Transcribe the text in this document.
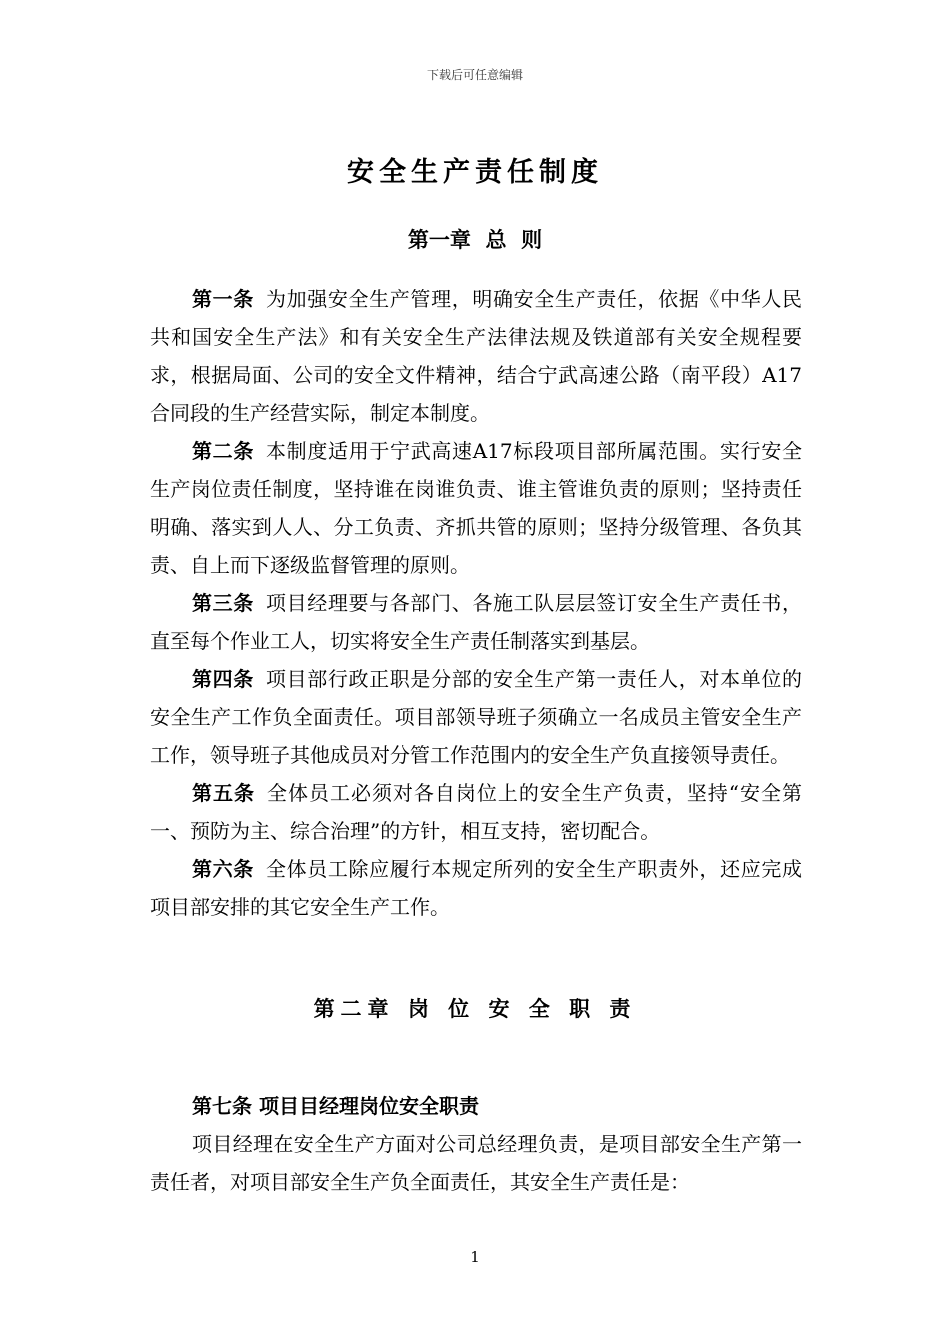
下载后可任意编辑
安全生产责任制度
第一章  总  则

第一条 为加强安全生产管理，明确安全生产责任，依据《中华人民共和国安全生产法》和有关安全生产法律法规及铁道部有关安全规程要求，根据局面、公司的安全文件精神，结合宁武高速公路（南平段）A17合同段的生产经营实际，制定本制度。

第二条 本制度适用于宁武高速A17标段项目部所属范围。实行安全生产岗位责任制度，坚持谁在岗谁负责、谁主管谁负责的原则；坚持责任明确、落实到人人、分工负责、齐抓共管的原则；坚持分级管理、各负其责、自上而下逐级监督管理的原则。

第三条 项目经理要与各部门、各施工队层层签订安全生产责任书，直至每个作业工人，切实将安全生产责任制落实到基层。

第四条 项目部行政正职是分部的安全生产第一责任人，对本单位的安全生产工作负全面责任。项目部领导班子须确立一名成员主管安全生产工作，领导班子其他成员对分管工作范围内的安全生产负直接领导责任。

第五条 全体员工必须对各自岗位上的安全生产负责，坚持“安全第一、预防为主、综合治理”的方针，相互支持，密切配合。

第六条 全体员工除应履行本规定所列的安全生产职责外，还应完成项目部安排的其它安全生产工作。

第二章 岗 位 安 全 职 责

第七条 项目目经理岗位安全职责

项目经理在安全生产方面对公司总经理负责，是项目部安全生产第一责任者，对项目部安全生产负全面责任，其安全生产责任是：

1
